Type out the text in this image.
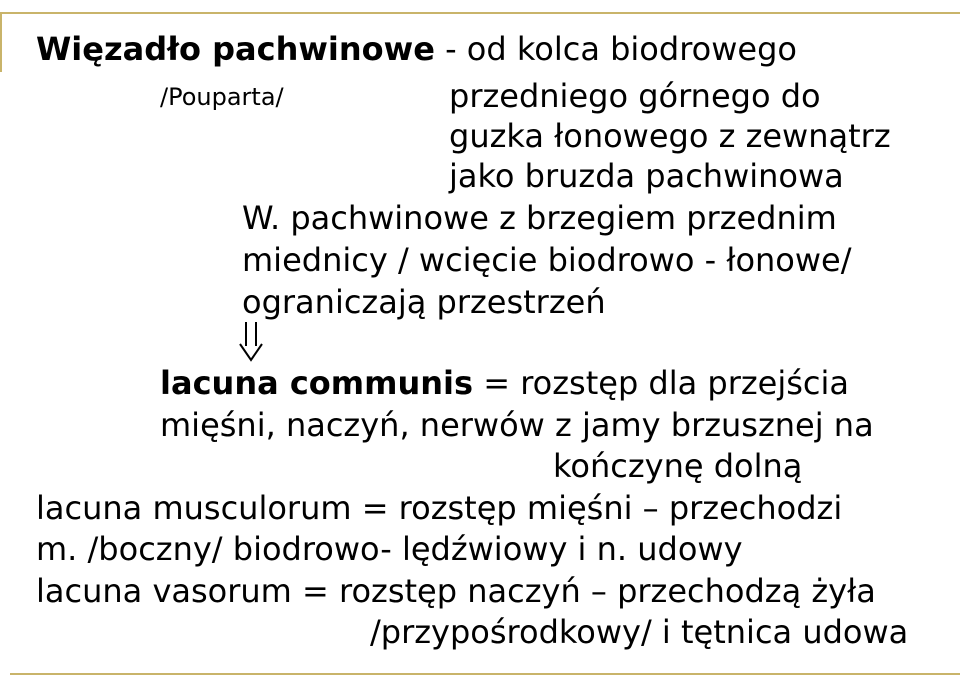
Więzadło pachwinowe - od kolca biodrowego
/Pouparta/	przedniego górnego do
guzka łonowego z zewnątrz
jako bruzda pachwinowa
W. pachwinowe z brzegiem przednim
miednicy / wcięcie biodrowo - łonowe/
ograniczają przestrzeń
lacuna communis = rozstęp dla przejścia
mięśni, naczyń, nerwów z jamy brzusznej na
kończynę dolną
lacuna musculorum = rozstęp mięśni – przechodzi
m. /boczny/ biodrowo- lędźwiowy i n. udowy
lacuna vasorum = rozstęp naczyń – przechodzą żyła
/przypośrodkowy/ i tętnica udowa
